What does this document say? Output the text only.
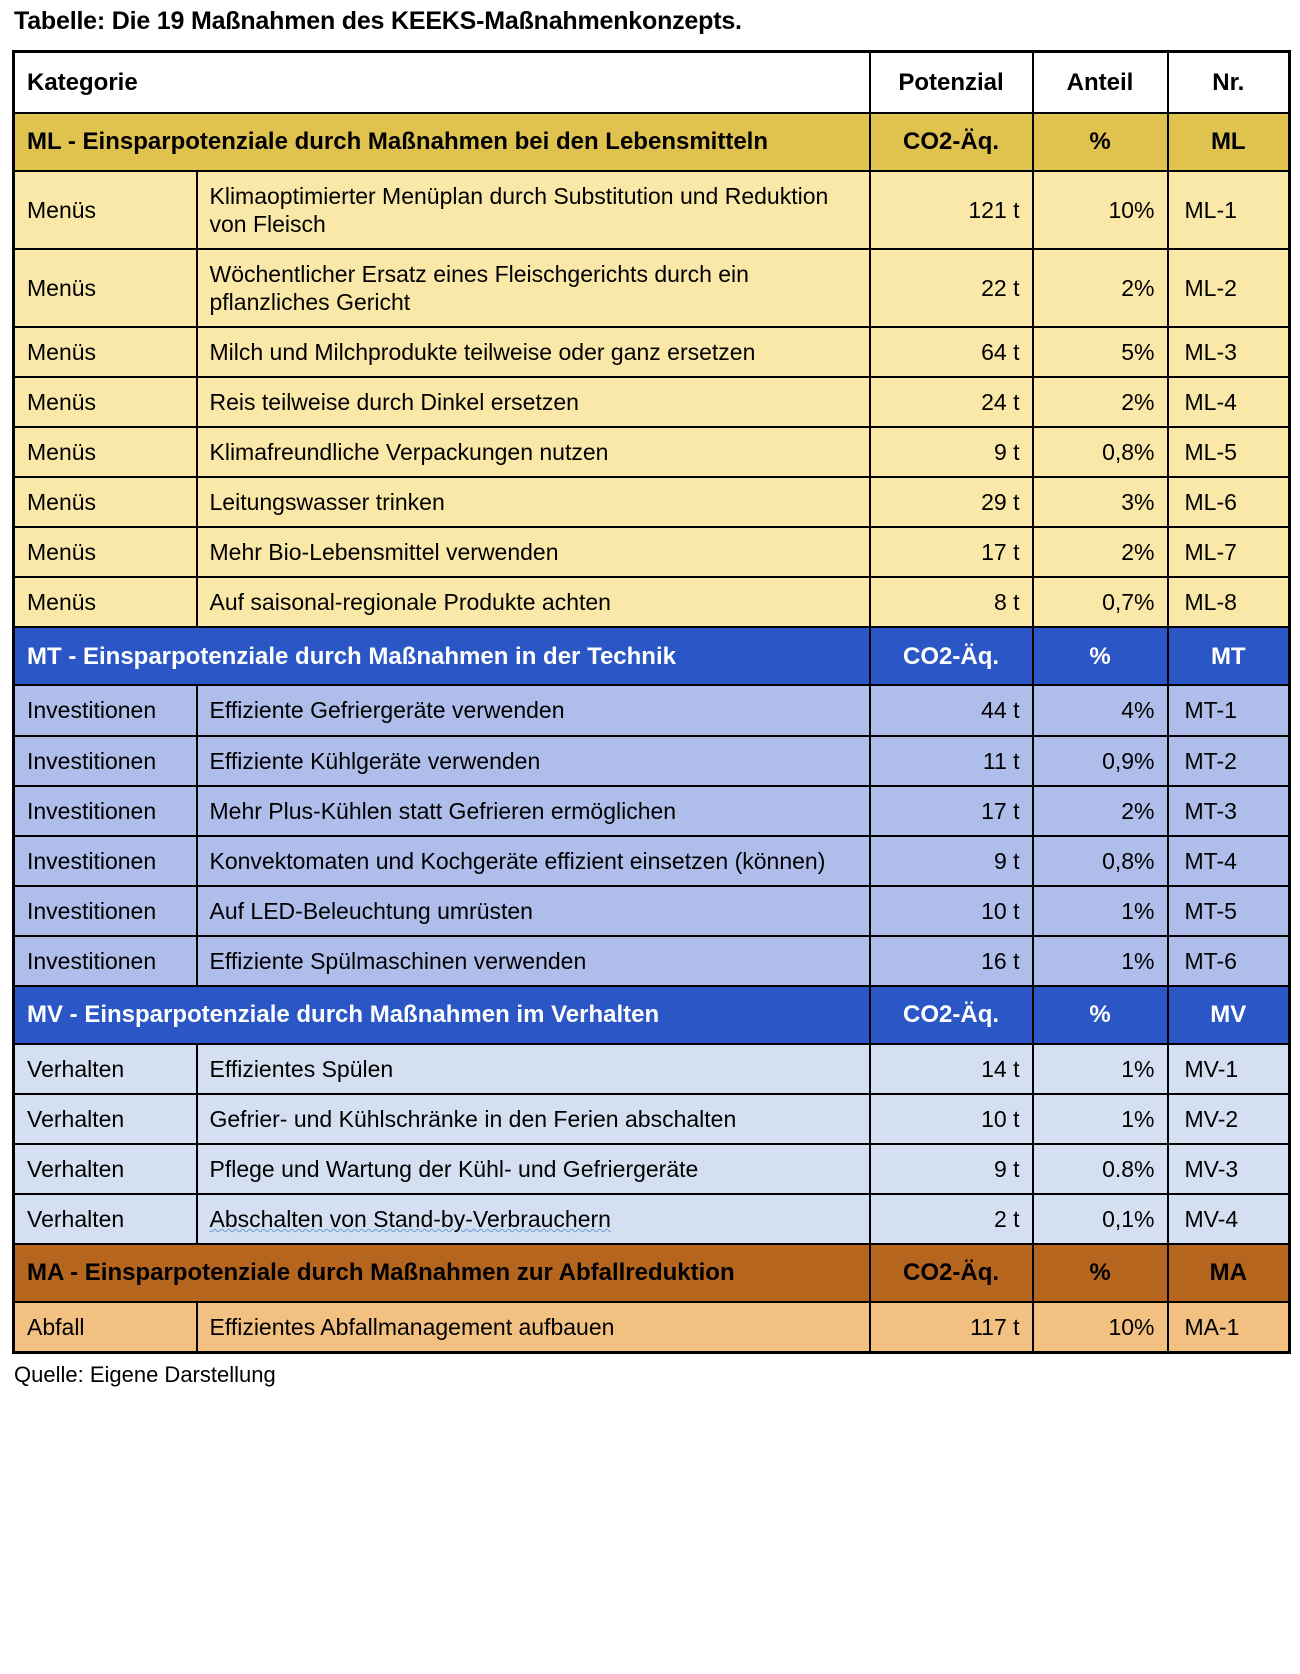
Tabelle: Die 19 Maßnahmen des KEEKS-Maßnahmenkonzepts.
Kategorie		Potenzial	Anteil	Nr.
ML - Einsparpotenziale durch Maßnahmen bei den Lebensmitteln		CO2-Äq.	%	ML
Menüs	Klimaoptimierter Menüplan durch Substitution und Reduktion von Fleisch	121 t	10%	ML-1
Menüs	Wöchentlicher Ersatz eines Fleischgerichts durch ein pflanzliches Gericht	22 t	2%	ML-2
Menüs	Milch und Milchprodukte teilweise oder ganz ersetzen	64 t	5%	ML-3
Menüs	Reis teilweise durch Dinkel ersetzen	24 t	2%	ML-4
Menüs	Klimafreundliche Verpackungen nutzen	9 t	0,8%	ML-5
Menüs	Leitungswasser trinken	29 t	3%	ML-6
Menüs	Mehr Bio-Lebensmittel verwenden	17 t	2%	ML-7
Menüs	Auf saisonal-regionale Produkte achten	8 t	0,7%	ML-8
MT - Einsparpotenziale durch Maßnahmen in der Technik		CO2-Äq.	%	MT
Investitionen	Effiziente Gefriergeräte verwenden	44 t	4%	MT-1
Investitionen	Effiziente Kühlgeräte verwenden	11 t	0,9%	MT-2
Investitionen	Mehr Plus-Kühlen statt Gefrieren ermöglichen	17 t	2%	MT-3
Investitionen	Konvektomaten und Kochgeräte effizient einsetzen (können)	9 t	0,8%	MT-4
Investitionen	Auf LED-Beleuchtung umrüsten	10 t	1%	MT-5
Investitionen	Effiziente Spülmaschinen verwenden	16 t	1%	MT-6
MV - Einsparpotenziale durch Maßnahmen im Verhalten		CO2-Äq.	%	MV
Verhalten	Effizientes Spülen	14 t	1%	MV-1
Verhalten	Gefrier- und Kühlschränke in den Ferien abschalten	10 t	1%	MV-2
Verhalten	Pflege und Wartung der Kühl- und Gefriergeräte	9 t	0.8%	MV-3
Verhalten	Abschalten von Stand-by-Verbrauchern	2 t	0,1%	MV-4
MA - Einsparpotenziale durch Maßnahmen zur Abfallreduktion		CO2-Äq.	%	MA
Abfall	Effizientes Abfallmanagement aufbauen	117 t	10%	MA-1
Quelle: Eigene Darstellung
